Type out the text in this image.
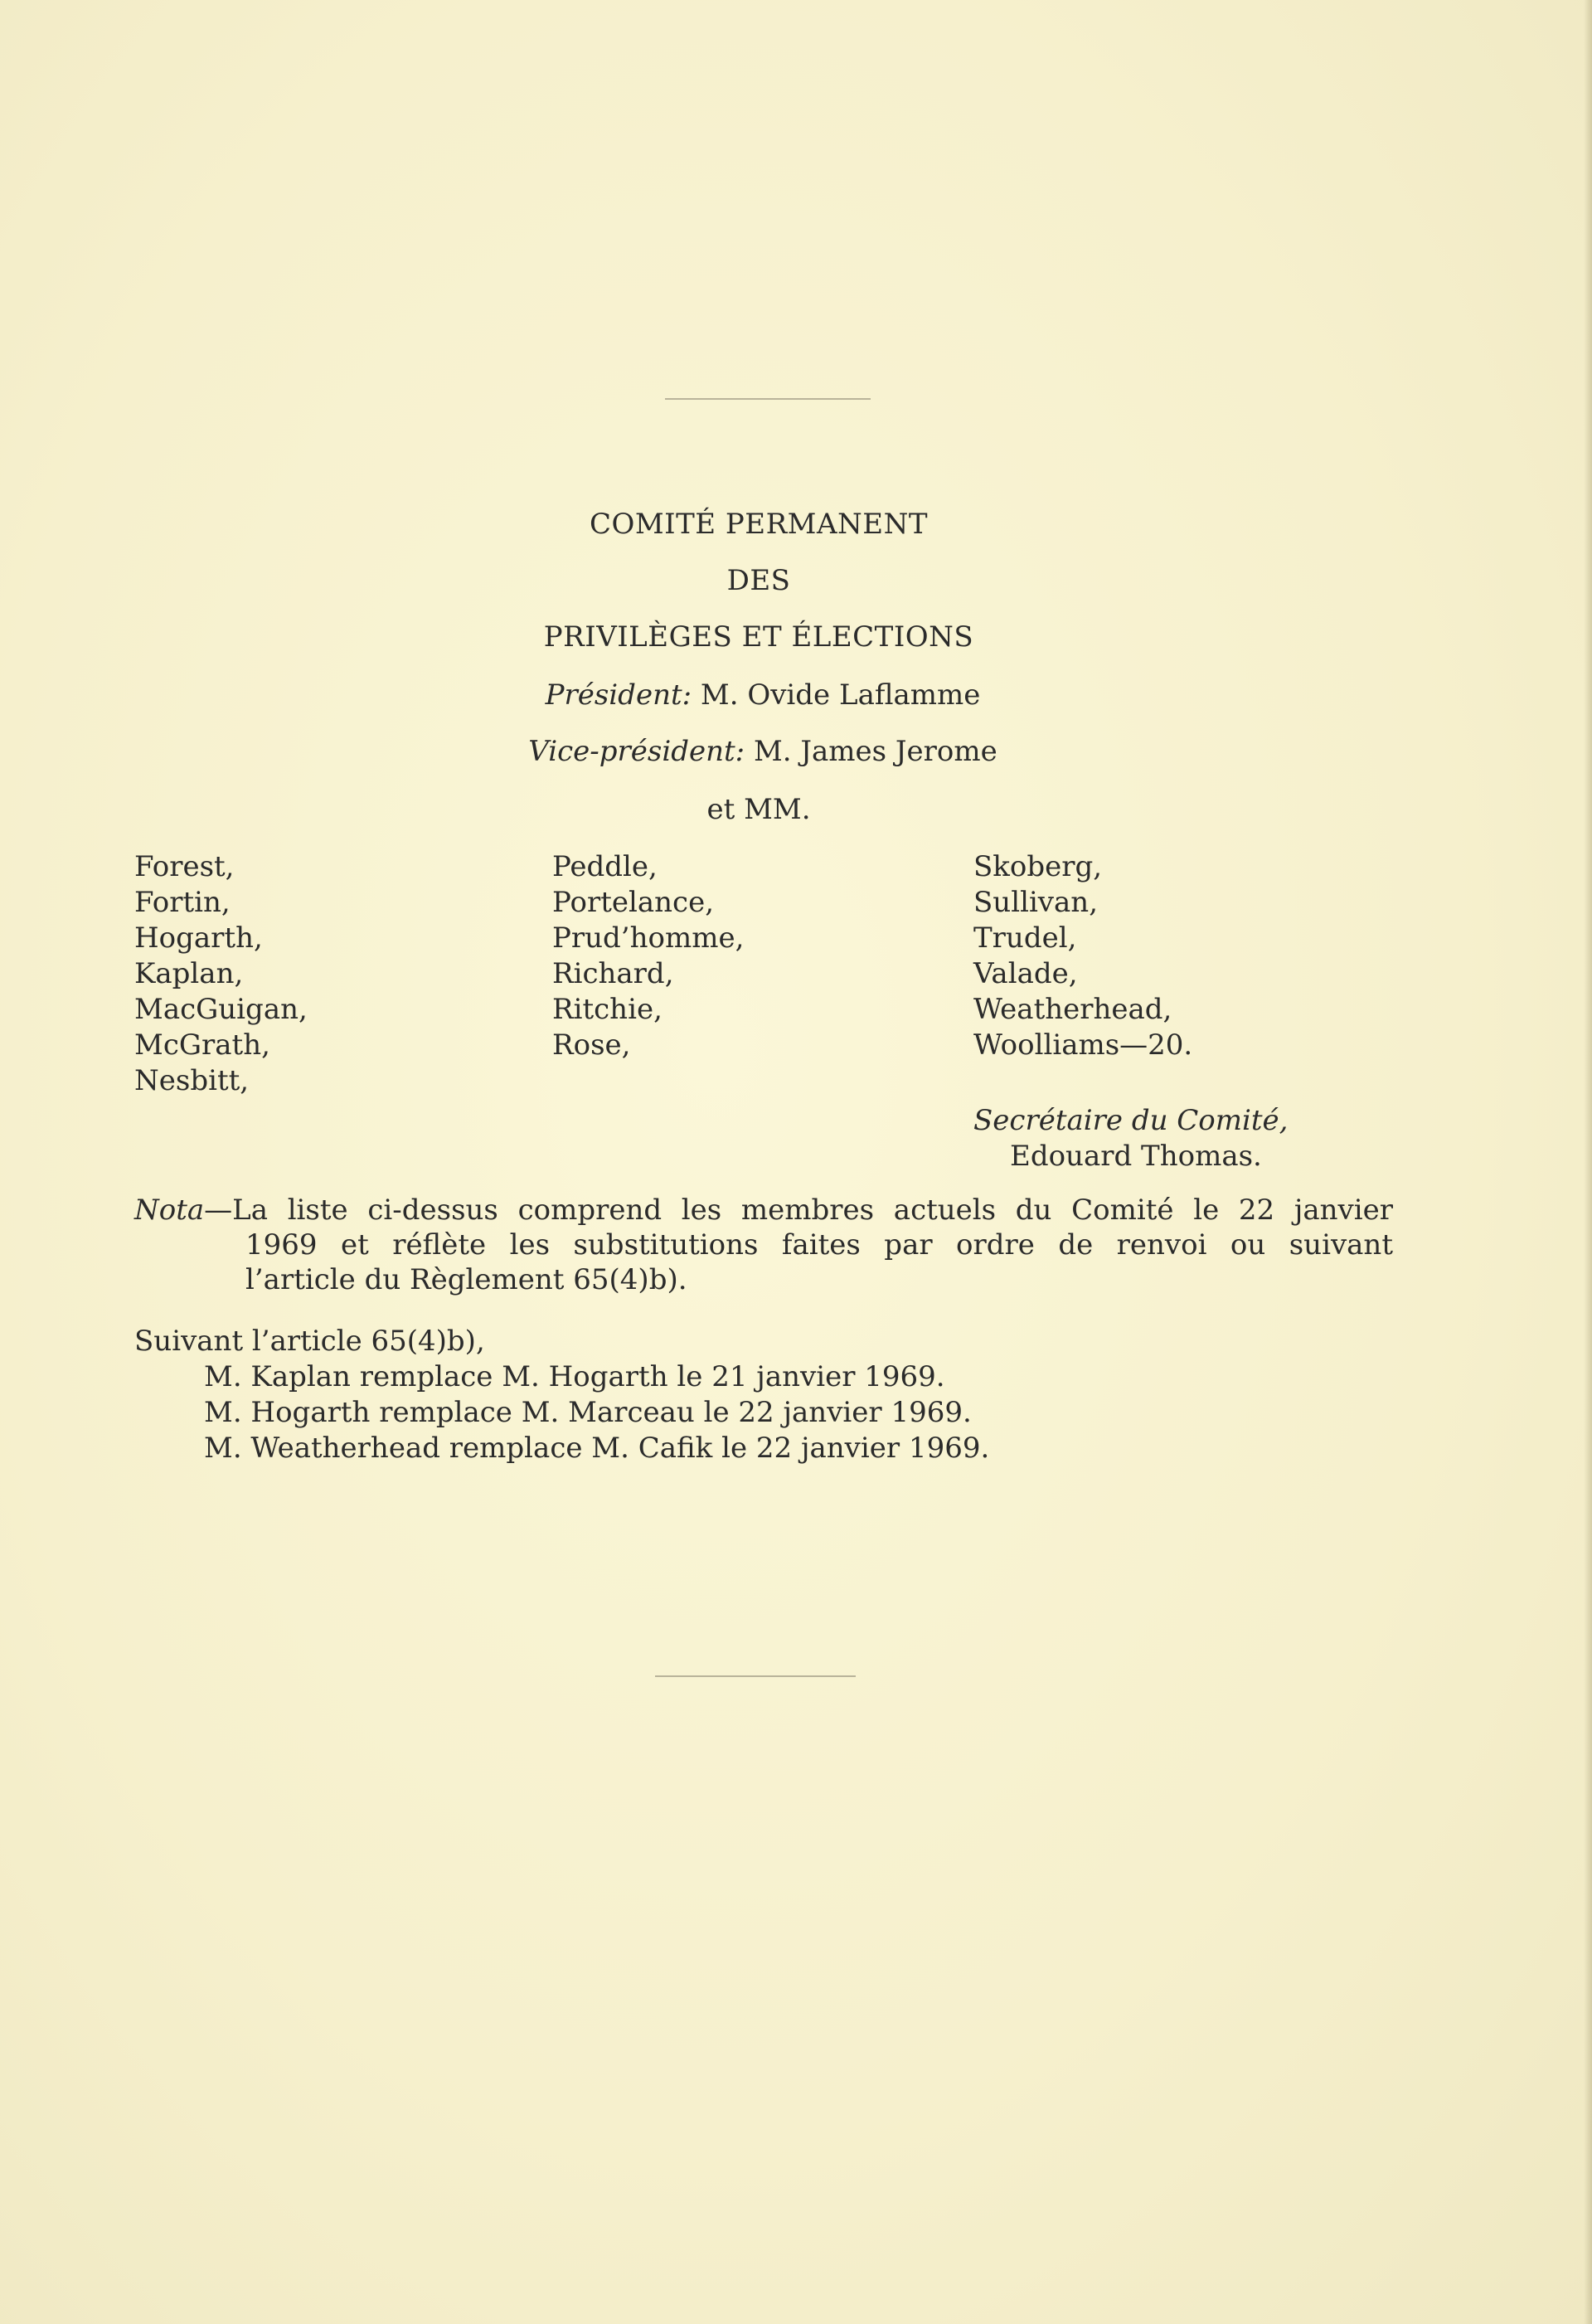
COMITÉ PERMANENT
DES
PRIVILÈGES ET ÉLECTIONS
Président: M. Ovide Laflamme
Vice-président: M. James Jerome
et MM.
Forest,
Fortin,
Hogarth,
Kaplan,
MacGuigan,
McGrath,
Nesbitt,
Peddle,
Portelance,
Prud’homme,
Richard,
Ritchie,
Rose,
Skoberg,
Sullivan,
Trudel,
Valade,
Weatherhead,
Woolliams—20.
Secrétaire du Comité,
Edouard Thomas.
Nota—La liste ci-dessus comprend les membres actuels du Comité le 22 janvier
1969 et réflète les substitutions faites par ordre de renvoi ou suivant
l’article du Règlement 65(4)b).
Suivant l’article 65(4)b),
M. Kaplan remplace M. Hogarth le 21 janvier 1969.
M. Hogarth remplace M. Marceau le 22 janvier 1969.
M. Weatherhead remplace M. Cafik le 22 janvier 1969.
